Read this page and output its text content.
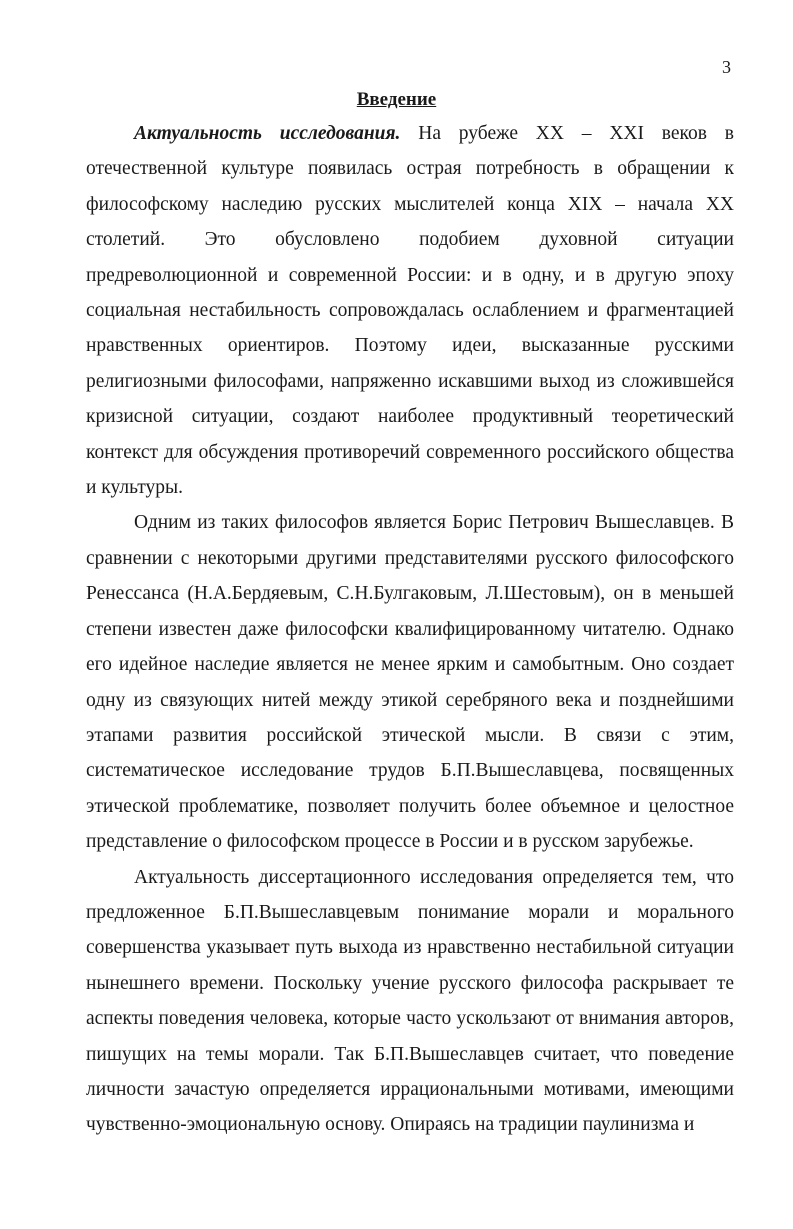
3
Введение

Актуальность исследования. На рубеже XX – XXI веков в отечественной культуре появилась острая потребность в обращении к философскому наследию русских мыслителей конца XIX – начала XX столетий. Это обусловлено подобием духовной ситуации предреволюционной и современной России: и в одну, и в другую эпоху социальная нестабильность сопровождалась ослаблением и фрагментацией нравственных ориентиров. Поэтому идеи, высказанные русскими религиозными философами, напряженно искавшими выход из сложившейся кризисной ситуации, создают наиболее продуктивный теоретический контекст для обсуждения противоречий современного российского общества и культуры.

Одним из таких философов является Борис Петрович Вышеславцев. В сравнении с некоторыми другими представителями русского философского Ренессанса (Н.А.Бердяевым, С.Н.Булгаковым, Л.Шестовым), он в меньшей степени известен даже философски квалифицированному читателю. Однако его идейное наследие является не менее ярким и самобытным. Оно создает одну из связующих нитей между этикой серебряного века и позднейшими этапами развития российской этической мысли. В связи с этим, систематическое исследование трудов Б.П.Вышеславцева, посвященных этической проблематике, позволяет получить более объемное и целостное представление о философском процессе в России и в русском зарубежье.

Актуальность диссертационного исследования определяется тем, что предложенное Б.П.Вышеславцевым понимание морали и морального совершенства указывает путь выхода из нравственно нестабильной ситуации нынешнего времени. Поскольку учение русского философа раскрывает те аспекты поведения человека, которые часто ускользают от внимания авторов, пишущих на темы морали. Так Б.П.Вышеславцев считает, что поведение личности зачастую определяется иррациональными мотивами, имеющими чувственно-эмоциональную основу. Опираясь на традиции паулинизма и
